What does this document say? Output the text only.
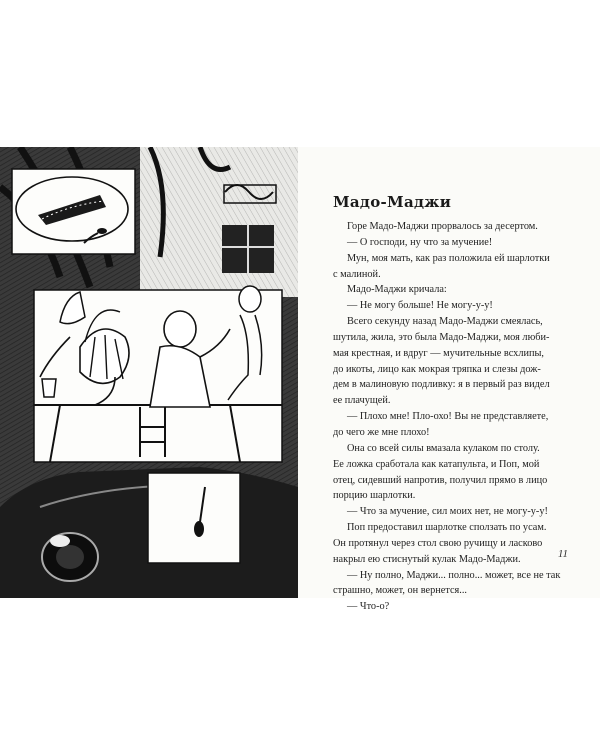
Мадо-Маджи

Горе Мадо-Маджи прорвалось за десертом.

— О господи, ну что за мучение!

Мун, моя мать, как раз положила ей шарлотки

с малиной.

Мадо-Маджи кричала:

— Не могу больше! Не могу-у-у!

Всего секунду назад Мадо-Маджи смеялась,

шутила, жила, это была Мадо-Маджи, моя люби-

мая крестная, и вдруг — мучительные всхлипы,

до икоты, лицо как мокрая тряпка и слезы дож-

дем в малиновую подливку: я в первый раз видел

ее плачущей.

— Плохо мне! Пло-охо! Вы не представляете,

до чего же мне плохо!

Она со всей силы вмазала кулаком по столу.

Ее ложка сработала как катапульта, и Поп, мой

отец, сидевший напротив, получил прямо в лицо

порцию шарлотки.

— Что за мучение, сил моих нет, не могу-у-у!

Поп предоставил шарлотке сползать по усам.

Он протянул через стол свою ручищу и ласково

накрыл ею стиснутый кулак Мадо-Маджи.

— Ну полно, Маджи... полно... может, все не так

страшно, может, он вернется...

— Что-о?

11
